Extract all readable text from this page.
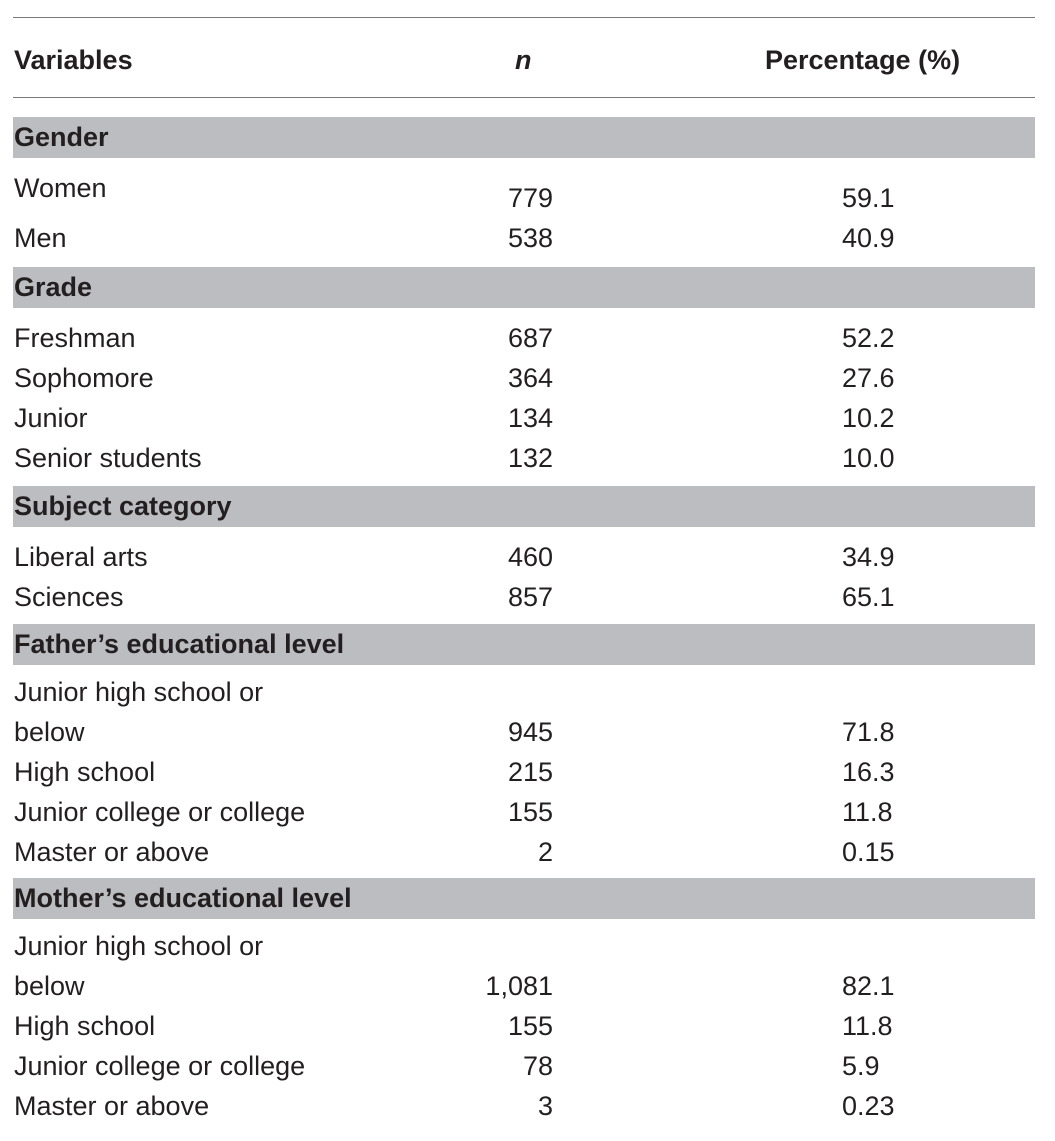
Variables	n	Percentage (%)
Gender
Women	779	59.1
Men	538	40.9
Grade
Freshman	687	52.2
Sophomore	364	27.6
Junior	134	10.2
Senior students	132	10.0
Subject category
Liberal arts	460	34.9
Sciences	857	65.1
Father’s educational level
Junior high school or
below	945	71.8
High school	215	16.3
Junior college or college	155	11.8
Master or above	2	0.15
Mother’s educational level
Junior high school or
below	1,081	82.1
High school	155	11.8
Junior college or college	78	5.9
Master or above	3	0.23
